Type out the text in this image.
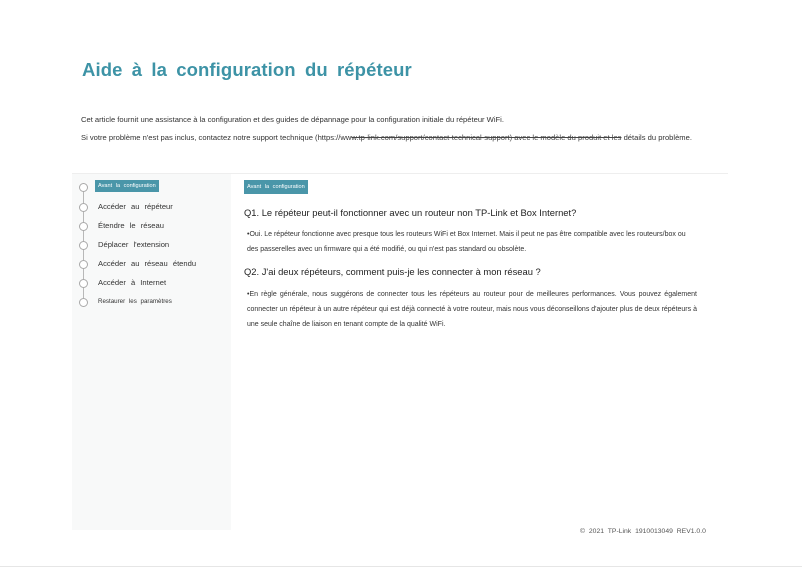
Aide à la configuration du répéteur

Cet article fournit une assistance à la configuration et des guides de dépannage pour la configuration initiale du répéteur WiFi.

Si votre problème n'est pas inclus, contactez notre support technique (https://www.tp-link.com/support/contact-technical-support) avec le modèle du produit et les détails du problème.

Avant la configuration
Accéder au répéteur
Étendre le réseau
Déplacer l'extension
Accéder au réseau étendu
Accéder à Internet
Restaurer les paramètres
Avant la configuration
Q1. Le répéteur peut-il fonctionner avec un routeur non TP-Link et Box Internet?
•Oui. Le répéteur fonctionne avec presque tous les routeurs WiFi et Box Internet. Mais il peut ne pas être compatible avec les routeurs/box ou des passerelles avec un firmware qui a été modifié, ou qui n'est pas standard ou obsolète.
Q2. J'ai deux répéteurs, comment puis-je les connecter à mon réseau ?
•En règle générale, nous suggérons de connecter tous les répéteurs au routeur pour de meilleures performances. Vous pouvez également connecter un répéteur à un autre répéteur qui est déjà connecté à votre routeur, mais nous vous déconseillons d'ajouter plus de deux répéteurs à une seule chaîne de liaison en tenant compte de la qualité WiFi.
© 2021 TP-Link 1910013049 REV1.0.0
